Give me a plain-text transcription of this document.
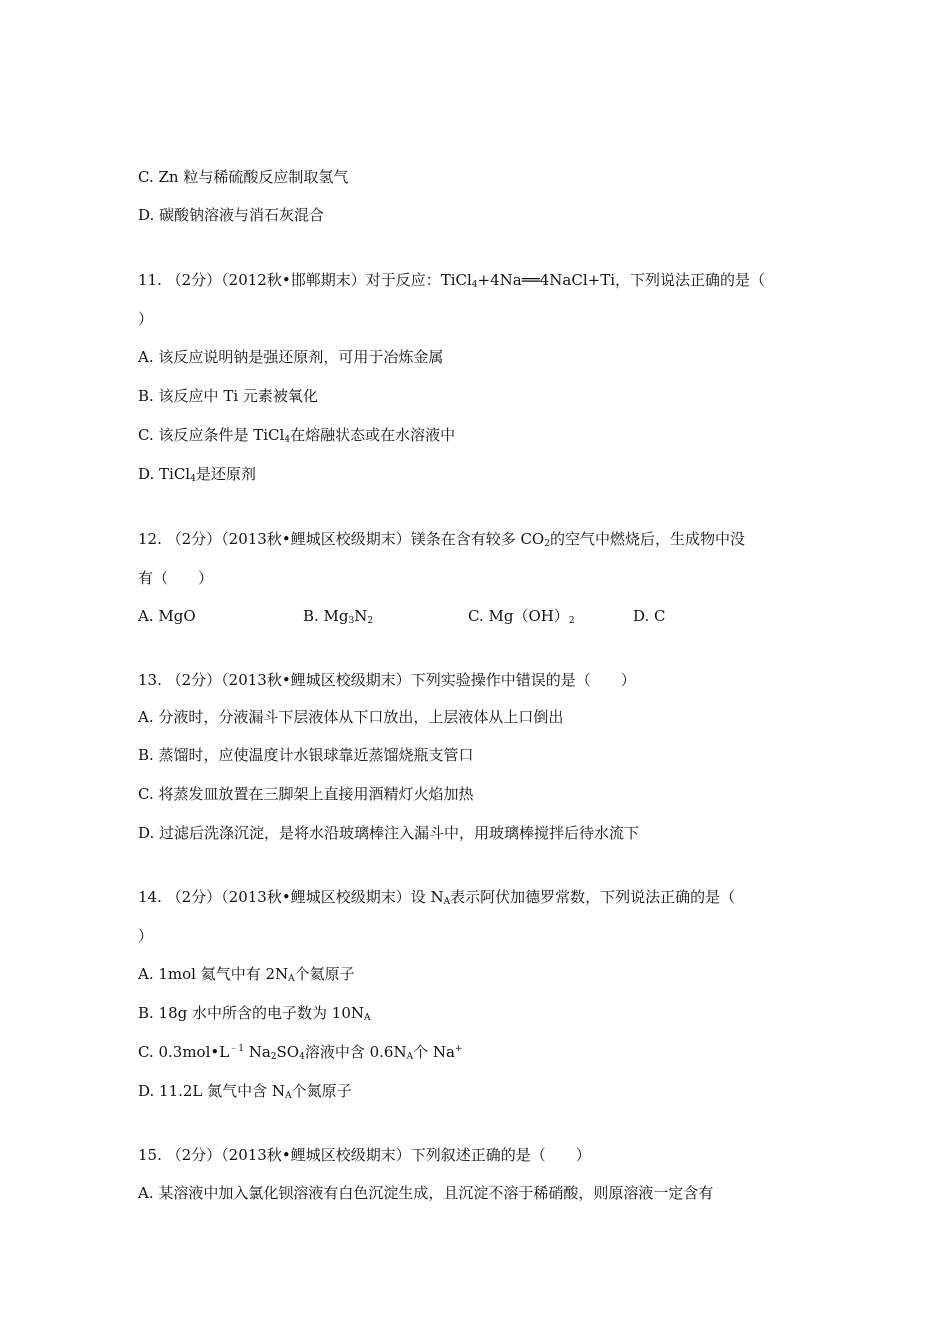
C. Zn 粒与稀硫酸反应制取氢气
D. 碳酸钠溶液与消石灰混合
11. （2分）（2012秋•邯郸期末）对于反应：TiCl$_4$+4Na══4NaCl+Ti，下列说法正确的是（
）
A. 该反应说明钠是强还原剂，可用于冶炼金属
B. 该反应中 Ti 元素被氧化
C. 该反应条件是 TiCl$_4$在熔融状态或在水溶液中
D. TiCl$_4$是还原剂
12. （2分）（2013秋•鲤城区校级期末）镁条在含有较多 $CO_2$的空气中燃烧后，生成物中没
有（　　）
A. MgO	B. $Mg_3N_2$	C. $Mg(OH)_2$	D. C
13. （2分）（2013秋•鲤城区校级期末）下列实验操作中错误的是（　　）
A. 分液时，分液漏斗下层液体从下口放出，上层液体从上口倒出
B. 蒸馏时，应使温度计水银球靠近蒸馏烧瓶支管口
C. 将蒸发皿放置在三脚架上直接用酒精灯火焰加热
D. 过滤后洗涤沉淀，是将水沿玻璃棒注入漏斗中，用玻璃棒搅拌后待水流下
14. （2分）（2013秋•鲤城区校级期末）设 $N_A$表示阿伏加德罗常数，下列说法正确的是（
）
A. 1mol 氦气中有 $2N_A$个氦原子
B. 18g 水中所含的电子数为 $10N_A$
C. $0.3mol•L^{﹣1}$ $Na_2SO_4$溶液中含 $0.6N_A$个 Na+
D. 11.2L 氮气中含 $N_A$个氮原子
15. （2分）（2013秋•鲤城区校级期末）下列叙述正确的是（　　）
A. 某溶液中加入氯化钡溶液有白色沉淀生成，且沉淀不溶于稀硝酸，则原溶液一定含有
